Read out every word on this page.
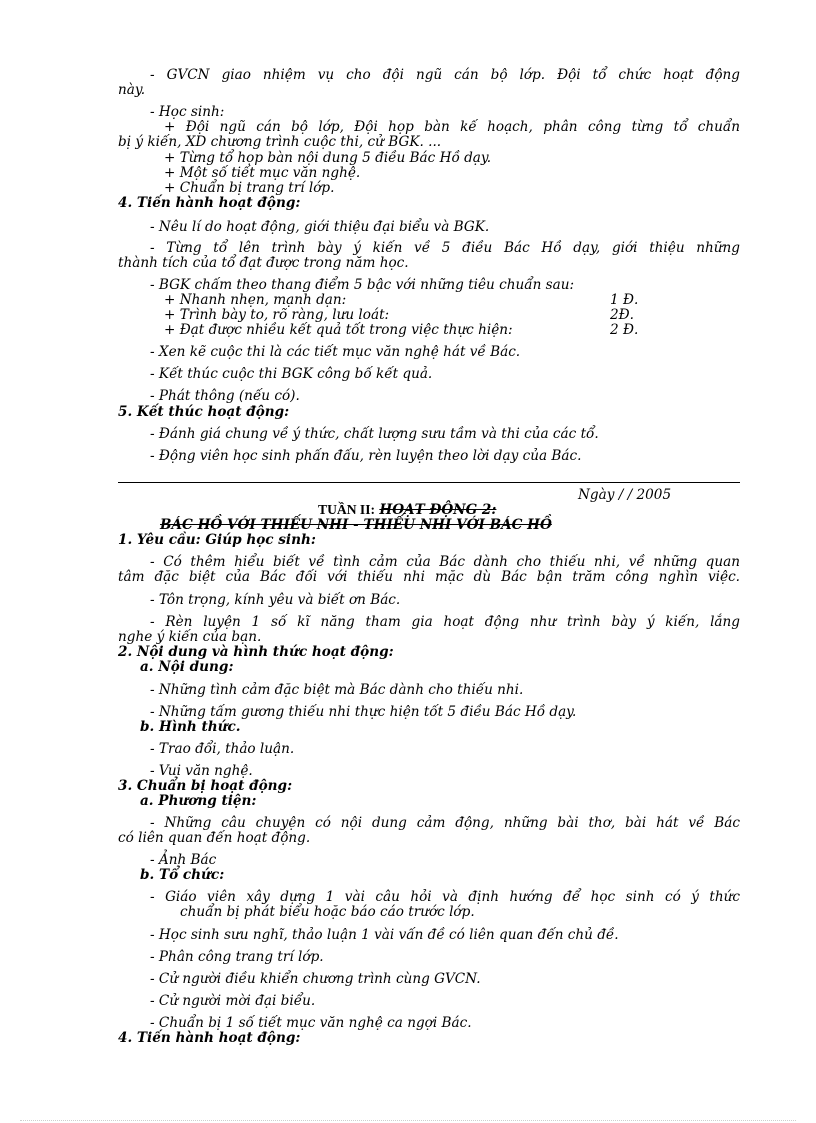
- GVCN giao nhiệm vụ cho đội ngũ cán bộ lớp. Đội tổ chức hoạt động
này.
- Học sinh:
+ Đội ngũ cán bộ lớp, Đội họp bàn kế hoạch, phân công từng tổ chuẩn
bị ý kiến, XD chương trình cuộc thi, cử BGK. ...
+ Từng tổ họp bàn nội dung 5 điều Bác Hồ dạy.
+ Một số tiết mục văn nghệ.
+ Chuẩn bị trang trí lớp.
4. Tiến hành hoạt động:
- Nêu lí do hoạt động, giới thiệu đại biểu và BGK.
- Từng tổ lên trình bày ý kiến về 5 điều Bác Hồ dạy, giới thiệu những
thành tích của tổ đạt được trong năm học.
- BGK chấm theo thang điểm 5 bậc với những tiêu chuẩn sau:
+ Nhanh nhẹn, mạnh dạn:	1 Đ.
+ Trình bày to, rõ ràng, lưu loát:	2Đ.
+ Đạt được nhiều kết quả tốt trong việc thực hiện:	2 Đ.
- Xen kẽ cuộc thi là các tiết mục văn nghệ hát về Bác.
- Kết thúc cuộc thi BGK công bố kết quả.
- Phát thông (nếu có).
5. Kết thúc hoạt động:
- Đánh giá chung về ý thức, chất lượng sưu tầm và thi của các tổ.
- Động viên học sinh phấn đấu, rèn luyện theo lời dạy của Bác.
Ngày / / 2005
TUẦN II: HOẠT ĐỘNG 2:
BÁC HỒ VỚI THIẾU NHI - THIẾU NHI VỚI BÁC HỒ
1. Yêu cầu: Giúp học sinh:
- Có thêm hiểu biết về tình cảm của Bác dành cho thiếu nhi, về những quan
tâm đặc biệt của Bác đối với thiếu nhi mặc dù Bác bận trăm công nghìn việc.
- Tôn trọng, kính yêu và biết ơn Bác.
- Rèn luyện 1 số kĩ năng tham gia hoạt động như trình bày ý kiến, lắng
nghe ý kiến của bạn.
2. Nội dung và hình thức hoạt động:
a. Nội dung:
- Những tình cảm đặc biệt mà Bác dành cho thiếu nhi.
- Những tấm gương thiếu nhi thực hiện tốt 5 điều Bác Hồ dạy.
b. Hình thức.
- Trao đổi, thảo luận.
- Vui văn nghệ.
3. Chuẩn bị hoạt động:
a. Phương tiện:
- Những câu chuyện có nội dung cảm động, những bài thơ, bài hát về Bác
có liên quan đến hoạt động.
- Ảnh Bác
b. Tổ chức:
- Giáo viên xây dựng 1 vài câu hỏi và định hướng để học sinh có ý thức
chuẩn bị phát biểu hoặc báo cáo trước lớp.
- Học sinh sưu nghĩ, thảo luận 1 vài vấn đề có liên quan đến chủ đề.
- Phân công trang trí lớp.
- Cử người điều khiển chương trình cùng GVCN.
- Cử người mời đại biểu.
- Chuẩn bị 1 số tiết mục văn nghệ ca ngợi Bác.
4. Tiến hành hoạt động:
